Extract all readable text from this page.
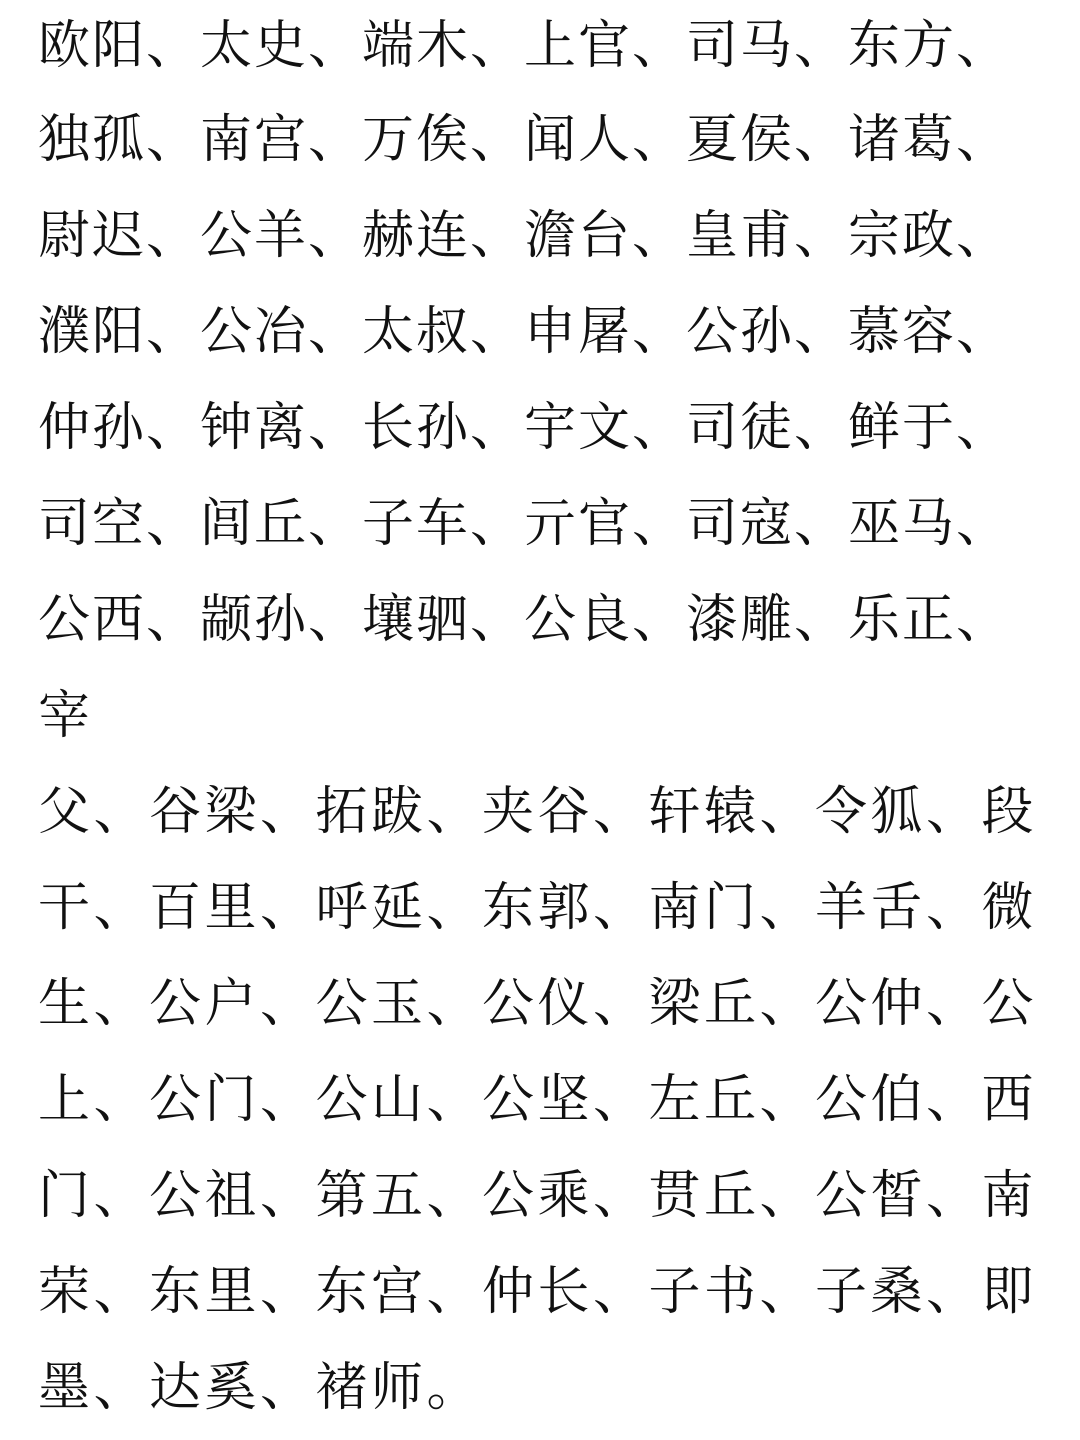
欧阳、太史、端木、上官、司马、东方、
独孤、南宫、万俟、闻人、夏侯、诸葛、
尉迟、公羊、赫连、澹台、皇甫、宗政、
濮阳、公冶、太叔、申屠、公孙、慕容、
仲孙、钟离、长孙、宇文、司徒、鲜于、
司空、闾丘、子车、亓官、司寇、巫马、
公西、颛孙、壤驷、公良、漆雕、乐正、
宰
父、谷梁、拓跋、夹谷、轩辕、令狐、段
干、百里、呼延、东郭、南门、羊舌、微
生、公户、公玉、公仪、梁丘、公仲、公
上、公门、公山、公坚、左丘、公伯、西
门、公祖、第五、公乘、贯丘、公皙、南
荣、东里、东宫、仲长、子书、子桑、即
墨、达奚、褚师。
